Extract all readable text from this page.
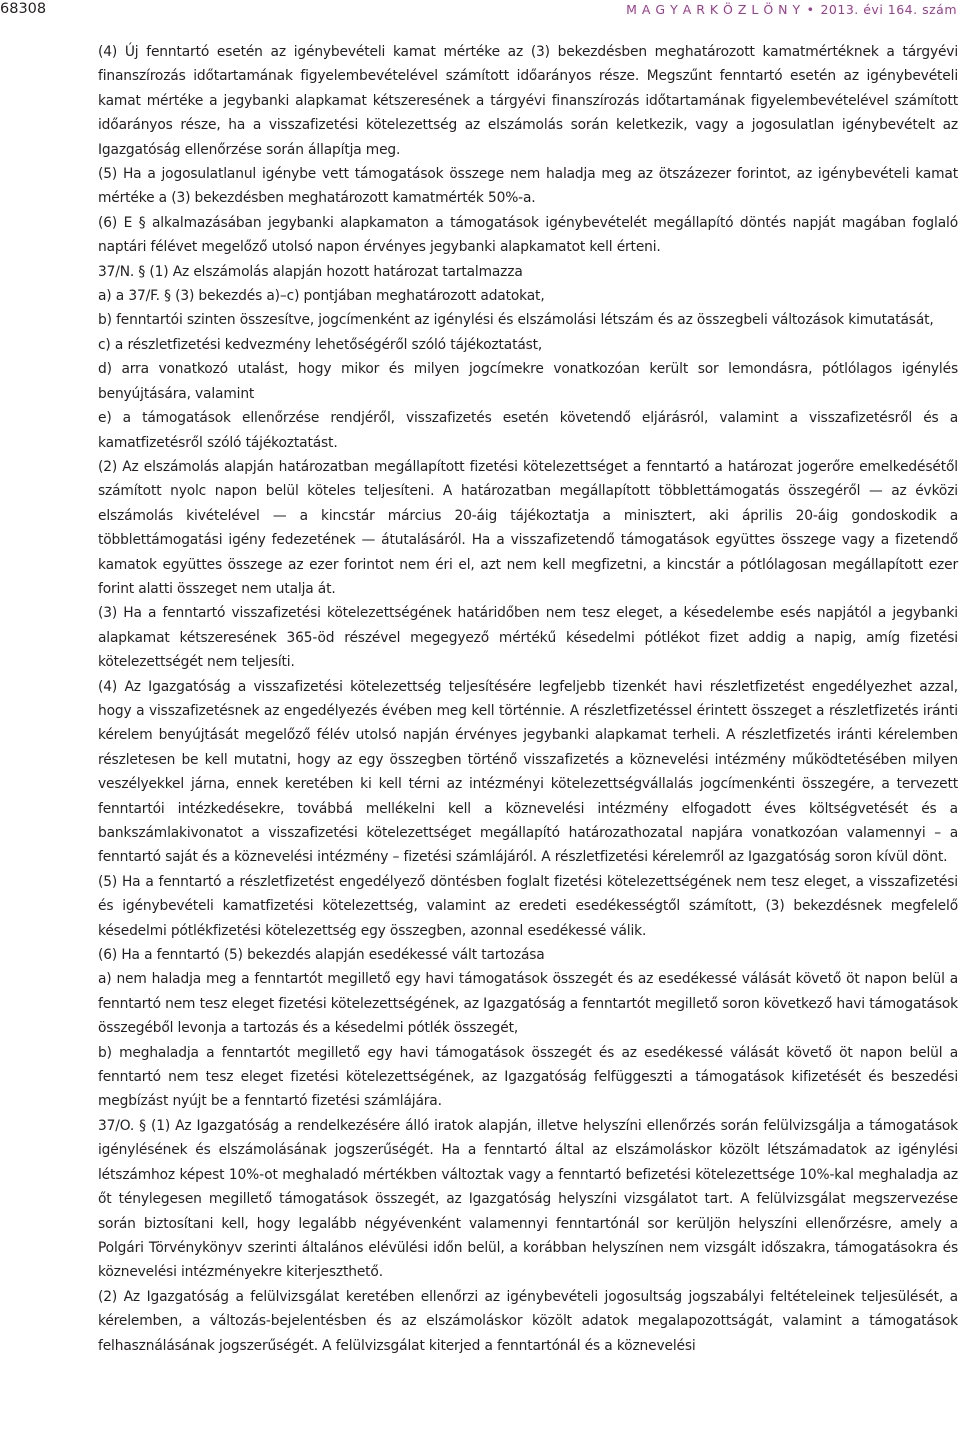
68308	M A G Y A R K Ö Z L Ö N Y • 2013. évi 164. szám

(4) Új fenntartó esetén az igénybevételi kamat mértéke az (3) bekezdésben meghatározott kamatmértéknek a tárgyévi finanszírozás időtartamának figyelembevételével számított időarányos része. Megszűnt fenntartó esetén az igénybevételi kamat mértéke a jegybanki alapkamat kétszeresének a tárgyévi finanszírozás időtartamának figyelembevételével számított időarányos része, ha a visszafizetési kötelezettség az elszámolás során keletkezik, vagy a jogosulatlan igénybevételt az Igazgatóság ellenőrzése során állapítja meg.

(5) Ha a jogosulatlanul igénybe vett támogatások összege nem haladja meg az ötszázezer forintot, az igénybevételi kamat mértéke a (3) bekezdésben meghatározott kamatmérték 50%-a.

(6) E § alkalmazásában jegybanki alapkamaton a támogatások igénybevételét megállapító döntés napját magában foglaló naptári félévet megelőző utolsó napon érvényes jegybanki alapkamatot kell érteni.

37/N. § (1) Az elszámolás alapján hozott határozat tartalmazza

a) a 37/F. § (3) bekezdés a)–c) pontjában meghatározott adatokat,

b) fenntartói szinten összesítve, jogcímenként az igénylési és elszámolási létszám és az összegbeli változások kimutatását,

c) a részletfizetési kedvezmény lehetőségéről szóló tájékoztatást,

d) arra vonatkozó utalást, hogy mikor és milyen jogcímekre vonatkozóan került sor lemondásra, pótlólagos igénylés benyújtására, valamint

e) a támogatások ellenőrzése rendjéről, visszafizetés esetén követendő eljárásról, valamint a visszafizetésről és a kamatfizetésről szóló tájékoztatást.

(2) Az elszámolás alapján határozatban megállapított fizetési kötelezettséget a fenntartó a határozat jogerőre emelkedésétől számított nyolc napon belül köteles teljesíteni. A határozatban megállapított többlettámogatás összegéről — az évközi elszámolás kivételével — a kincstár március 20-áig tájékoztatja a minisztert, aki április 20-áig gondoskodik a többlettámogatási igény fedezetének — átutalásáról. Ha a visszafizetendő támogatások együttes összege vagy a fizetendő kamatok együttes összege az ezer forintot nem éri el, azt nem kell megfizetni, a kincstár a pótlólagosan megállapított ezer forint alatti összeget nem utalja át.

(3) Ha a fenntartó visszafizetési kötelezettségének határidőben nem tesz eleget, a késedelembe esés napjától a jegybanki alapkamat kétszeresének 365-öd részével megegyező mértékű késedelmi pótlékot fizet addig a napig, amíg fizetési kötelezettségét nem teljesíti.

(4) Az Igazgatóság a visszafizetési kötelezettség teljesítésére legfeljebb tizenkét havi részletfizetést engedélyezhet azzal, hogy a visszafizetésnek az engedélyezés évében meg kell történnie. A részletfizetéssel érintett összeget a részletfizetés iránti kérelem benyújtását megelőző félév utolsó napján érvényes jegybanki alapkamat terheli. A részletfizetés iránti kérelemben részletesen be kell mutatni, hogy az egy összegben történő visszafizetés a köznevelési intézmény működtetésében milyen veszélyekkel járna, ennek keretében ki kell térni az intézményi kötelezettségvállalás jogcímenkénti összegére, a tervezett fenntartói intézkedésekre, továbbá mellékelni kell a köznevelési intézmény elfogadott éves költségvetését és a bankszámlakivonatot a visszafizetési kötelezettséget megállapító határozathozatal napjára vonatkozóan valamennyi – a fenntartó saját és a köznevelési intézmény – fizetési számlájáról. A részletfizetési kérelemről az Igazgatóság soron kívül dönt.

(5) Ha a fenntartó a részletfizetést engedélyező döntésben foglalt fizetési kötelezettségének nem tesz eleget, a visszafizetési és igénybevételi kamatfizetési kötelezettség, valamint az eredeti esedékességtől számított, (3) bekezdésnek megfelelő késedelmi pótlékfizetési kötelezettség egy összegben, azonnal esedékessé válik.

(6) Ha a fenntartó (5) bekezdés alapján esedékessé vált tartozása

a) nem haladja meg a fenntartót megillető egy havi támogatások összegét és az esedékessé válását követő öt napon belül a fenntartó nem tesz eleget fizetési kötelezettségének, az Igazgatóság a fenntartót megillető soron következő havi támogatások összegéből levonja a tartozás és a késedelmi pótlék összegét,

b) meghaladja a fenntartót megillető egy havi támogatások összegét és az esedékessé válását követő öt napon belül a fenntartó nem tesz eleget fizetési kötelezettségének, az Igazgatóság felfüggeszti a támogatások kifizetését és beszedési megbízást nyújt be a fenntartó fizetési számlájára.

37/O. § (1) Az Igazgatóság a rendelkezésére álló iratok alapján, illetve helyszíni ellenőrzés során felülvizsgálja a támogatások igénylésének és elszámolásának jogszerűségét. Ha a fenntartó által az elszámoláskor közölt létszámadatok az igénylési létszámhoz képest 10%-ot meghaladó mértékben változtak vagy a fenntartó befizetési kötelezettsége 10%-kal meghaladja az őt ténylegesen megillető támogatások összegét, az Igazgatóság helyszíni vizsgálatot tart. A felülvizsgálat megszervezése során biztosítani kell, hogy legalább négyévenként valamennyi fenntartónál sor kerüljön helyszíni ellenőrzésre, amely a Polgári Törvénykönyv szerinti általános elévülési időn belül, a korábban helyszínen nem vizsgált időszakra, támogatásokra és köznevelési intézményekre kiterjeszthető.

(2) Az Igazgatóság a felülvizsgálat keretében ellenőrzi az igénybevételi jogosultság jogszabályi feltételeinek teljesülését, a kérelemben, a változás-bejelentésben és az elszámoláskor közölt adatok megalapozottságát, valamint a támogatások felhasználásának jogszerűségét. A felülvizsgálat kiterjed a fenntartónál és a köznevelési
